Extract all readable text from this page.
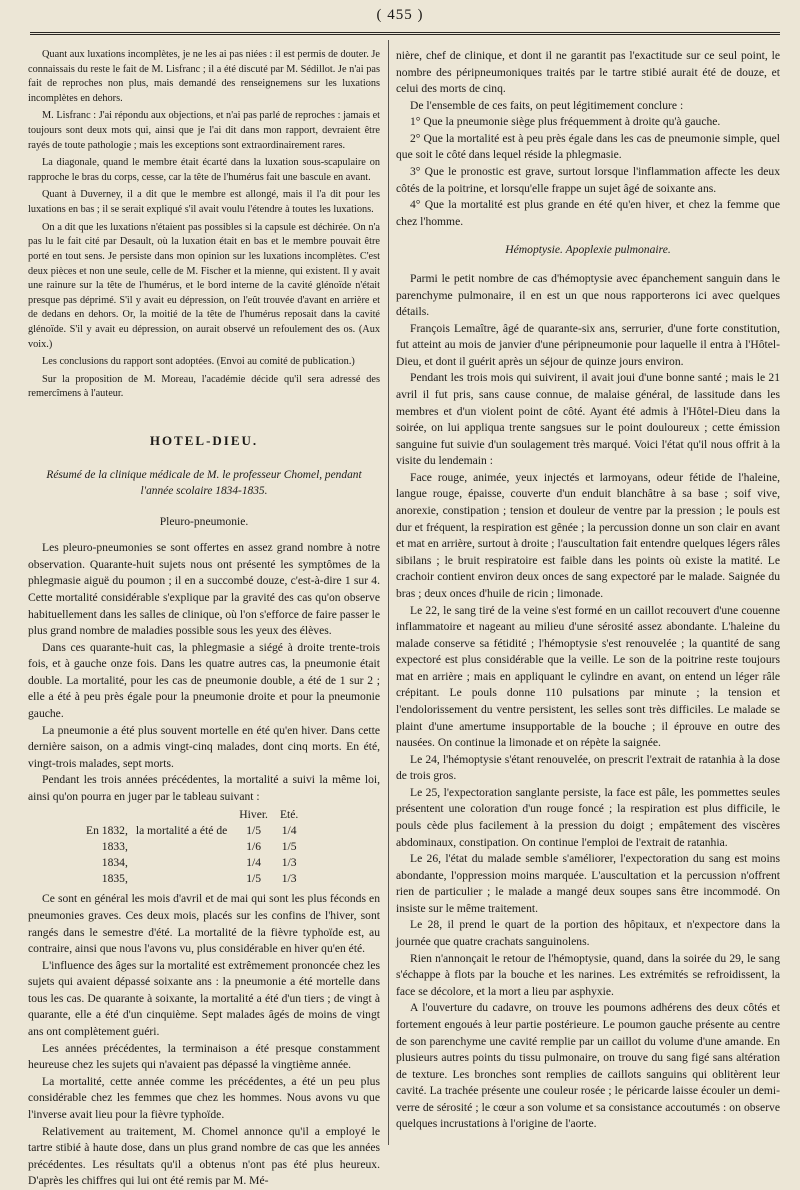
( 455 )

Quant aux luxations incomplètes, je ne les ai pas niées : il est permis de douter. Je connaissais du reste le fait de M. Lisfranc ; il a été discuté par M. Sédillot. Je n'ai pas fait de reproches non plus, mais demandé des renseignemens sur les luxations incomplètes en dehors.

M. Lisfranc : J'ai répondu aux objections, et n'ai pas parlé de reproches : jamais et toujours sont deux mots qui, ainsi que je l'ai dit dans mon rapport, devraient être rayés de toute pathologie ; mais les exceptions sont extraordinairement rares.

La diagonale, quand le membre était écarté dans la luxation sous-scapulaire on rapproche le bras du corps, cesse, car la tête de l'humérus fait une bascule en avant.

Quant à Duverney, il a dit que le membre est allongé, mais il l'a dit pour les luxations en bas ; il se serait expliqué s'il avait voulu l'étendre à toutes les luxations.

On a dit que les luxations n'étaient pas possibles si la capsule est déchirée. On n'a pas lu le fait cité par Desault, où la luxation était en bas et le membre pouvait être porté en tout sens. Je persiste dans mon opinion sur les luxations incomplètes. C'est deux pièces et non une seule, celle de M. Fischer et la mienne, qui existent. Il y avait une rainure sur la tête de l'humérus, et le bord interne de la cavité glénoïde n'était presque pas déprimé. S'il y avait eu dépression, on l'eût trouvée d'avant en arrière et de dedans en dehors. Or, la moitié de la tête de l'humérus reposait dans la cavité glénoïde. S'il y avait eu dépression, on aurait observé un refoulement des os. (Aux voix.)

Les conclusions du rapport sont adoptées. (Envoi au comité de publication.)

Sur la proposition de M. Moreau, l'académie décide qu'il sera adressé des remercîmens à l'auteur.

HOTEL-DIEU.
Résumé de la clinique médicale de M. le professeur Chomel, pendant
l'année scolaire 1834-1835.
Pleuro-pneumonie.

Les pleuro-pneumonies se sont offertes en assez grand nombre à notre observation. Quarante-huit sujets nous ont présenté les symptômes de la phlegmasie aiguë du poumon ; il en a succombé douze, c'est-à-dire 1 sur 4. Cette mortalité considérable s'explique par la gravité des cas qu'on observe habituellement dans les salles de clinique, où l'on s'efforce de faire passer le plus grand nombre de maladies possible sous les yeux des élèves.

Dans ces quarante-huit cas, la phlegmasie a siégé à droite trente-trois fois, et à gauche onze fois. Dans les quatre autres cas, la pneumonie était double. La mortalité, pour les cas de pneumonie double, a été de 1 sur 2 ; elle a été à peu près égale pour la pneumonie droite et pour la pneumonie gauche.

La pneumonie a été plus souvent mortelle en été qu'en hiver. Dans cette dernière saison, on a admis vingt-cinq malades, dont cinq morts. En été, vingt-trois malades, sept morts.

Pendant les trois années précédentes, la mortalité a suivi la même loi, ainsi qu'on pourra en juger par le tableau suivant :

		Hiver.	Eté.
En 1832,	la mortalité a été de	1/5	1/4
1833,		1/6	1/5
1834,		1/4	1/3
1835,		1/5	1/3

Ce sont en général les mois d'avril et de mai qui sont les plus féconds en pneumonies graves. Ces deux mois, placés sur les confins de l'hiver, sont rangés dans le semestre d'été. La mortalité de la fièvre typhoïde est, au contraire, ainsi que nous l'avons vu, plus considérable en hiver qu'en été.

L'influence des âges sur la mortalité est extrêmement prononcée chez les sujets qui avaient dépassé soixante ans : la pneumonie a été mortelle dans tous les cas. De quarante à soixante, la mortalité a été d'un tiers ; de vingt à quarante, elle a été d'un cinquième. Sept malades âgés de moins de vingt ans ont complètement guéri.

Les années précédentes, la terminaison a été presque constamment heureuse chez les sujets qui n'avaient pas dépassé la vingtième année.

La mortalité, cette année comme les précédentes, a été un peu plus considérable chez les femmes que chez les hommes. Nous avons vu que l'inverse avait lieu pour la fièvre typhoïde.

Relativement au traitement, M. Chomel annonce qu'il a employé le tartre stibié à haute dose, dans un plus grand nombre de cas que les années précédentes. Les résultats qu'il a obtenus n'ont pas été plus heureux. D'après les chiffres qui lui ont été remis par M. Mé-

nière, chef de clinique, et dont il ne garantit pas l'exactitude sur ce seul point, le nombre des péripneumoniques traités par le tartre stibié aurait été de douze, et celui des morts de cinq.

De l'ensemble de ces faits, on peut légitimement conclure :

1° Que la pneumonie siège plus fréquemment à droite qu'à gauche.

2° Que la mortalité est à peu près égale dans les cas de pneumonie simple, quel que soit le côté dans lequel réside la phlegmasie.

3° Que le pronostic est grave, surtout lorsque l'inflammation affecte les deux côtés de la poitrine, et lorsqu'elle frappe un sujet âgé de soixante ans.

4° Que la mortalité est plus grande en été qu'en hiver, et chez la femme que chez l'homme.

Hémoptysie. Apoplexie pulmonaire.

Parmi le petit nombre de cas d'hémoptysie avec épanchement sanguin dans le parenchyme pulmonaire, il en est un que nous rapporterons ici avec quelques détails.

François Lemaître, âgé de quarante-six ans, serrurier, d'une forte constitution, fut atteint au mois de janvier d'une péripneumonie pour laquelle il entra à l'Hôtel-Dieu, et dont il guérit après un séjour de quinze jours environ.

Pendant les trois mois qui suivirent, il avait joui d'une bonne santé ; mais le 21 avril il fut pris, sans cause connue, de malaise général, de lassitude dans les membres et d'un violent point de côté. Ayant été admis à l'Hôtel-Dieu dans la soirée, on lui appliqua trente sangsues sur le point douloureux ; cette émission sanguine fut suivie d'un soulagement très marqué. Voici l'état qu'il nous offrit à la visite du lendemain :

Face rouge, animée, yeux injectés et larmoyans, odeur fétide de l'haleine, langue rouge, épaisse, couverte d'un enduit blanchâtre à sa base ; soif vive, anorexie, constipation ; tension et douleur de ventre par la pression ; le pouls est dur et fréquent, la respiration est gênée ; la percussion donne un son clair en avant et mat en arrière, surtout à droite ; l'auscultation fait entendre quelques légers râles sibilans ; le bruit respiratoire est faible dans les points où existe la matité. Le crachoir contient environ deux onces de sang expectoré par le malade. Saignée du bras ; deux onces d'huile de ricin ; limonade.

Le 22, le sang tiré de la veine s'est formé en un caillot recouvert d'une couenne inflammatoire et nageant au milieu d'une sérosité assez abondante. L'haleine du malade conserve sa fétidité ; l'hémoptysie s'est renouvelée ; la quantité de sang expectoré est plus considérable que la veille. Le son de la poitrine reste toujours mat en arrière ; mais en appliquant le cylindre en avant, on entend un léger râle crépitant. Le pouls donne 110 pulsations par minute ; la tension et l'endolorissement du ventre persistent, les selles sont très difficiles. Le malade se plaint d'une amertume insupportable de la bouche ; il éprouve en outre des nausées. On continue la limonade et on répète la saignée.

Le 24, l'hémoptysie s'étant renouvelée, on prescrit l'extrait de ratanhia à la dose de trois gros.

Le 25, l'expectoration sanglante persiste, la face est pâle, les pommettes seules présentent une coloration d'un rouge foncé ; la respiration est plus difficile, le pouls cède plus facilement à la pression du doigt ; empâtement des viscères abdominaux, constipation. On continue l'emploi de l'extrait de ratanhia.

Le 26, l'état du malade semble s'améliorer, l'expectoration du sang est moins abondante, l'oppression moins marquée. L'auscultation et la percussion n'offrent rien de particulier ; le malade a mangé deux soupes sans être incommodé. On insiste sur le même traitement.

Le 28, il prend le quart de la portion des hôpitaux, et n'expectore dans la journée que quatre crachats sanguinolens.

Rien n'annonçait le retour de l'hémoptysie, quand, dans la soirée du 29, le sang s'échappe à flots par la bouche et les narines. Les extrémités se refroidissent, la face se décolore, et la mort a lieu par asphyxie.

A l'ouverture du cadavre, on trouve les poumons adhérens des deux côtés et fortement engoués à leur partie postérieure. Le poumon gauche présente au centre de son parenchyme une cavité remplie par un caillot du volume d'une amande. En plusieurs autres points du tissu pulmonaire, on trouve du sang figé sans altération de texture. Les bronches sont remplies de caillots sanguins qui oblitèrent leur cavité. La trachée présente une couleur rosée ; le péricarde laisse écouler un demi-verre de sérosité ; le cœur a son volume et sa consistance accoutumés : on observe quelques incrustations à l'origine de l'aorte.
